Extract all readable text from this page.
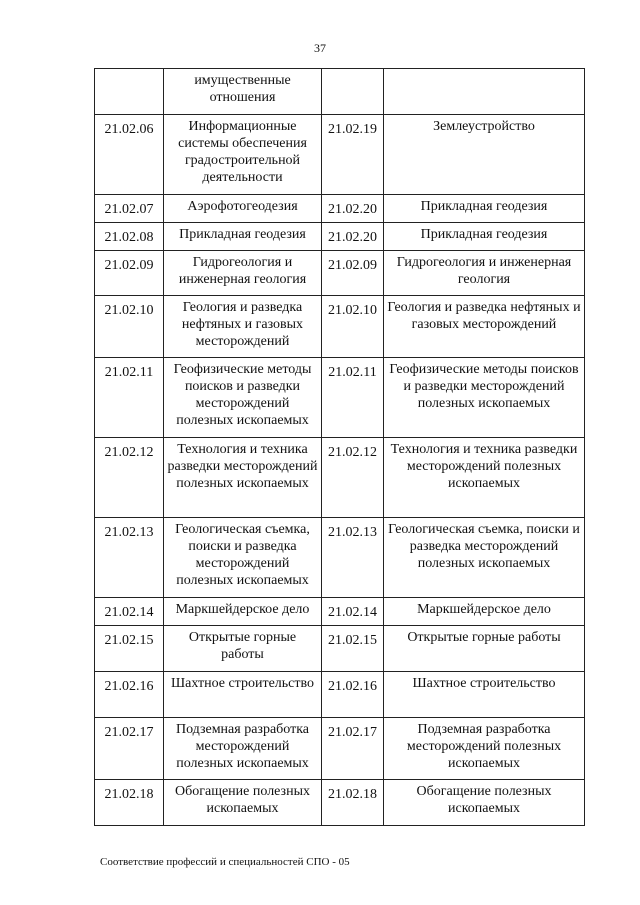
37
	имущественные отношения		
21.02.06	Информационные системы обеспечения градостроительной деятельности	21.02.19	Землеустройство
21.02.07	Аэрофотогеодезия	21.02.20	Прикладная геодезия
21.02.08	Прикладная геодезия	21.02.20	Прикладная геодезия
21.02.09	Гидрогеология и инженерная геология	21.02.09	Гидрогеология и инженерная геология
21.02.10	Геология и разведка нефтяных и газовых месторождений	21.02.10	Геология и разведка нефтяных и газовых месторождений
21.02.11	Геофизические методы поисков и разведки месторождений полезных ископаемых	21.02.11	Геофизические методы поисков и разведки месторождений полезных ископаемых
21.02.12	Технология и техника разведки месторождений полезных ископаемых	21.02.12	Технология и техника разведки месторождений полезных ископаемых
21.02.13	Геологическая съемка, поиски и разведка месторождений полезных ископаемых	21.02.13	Геологическая съемка, поиски и разведка месторождений полезных ископаемых
21.02.14	Маркшейдерское дело	21.02.14	Маркшейдерское дело
21.02.15	Открытые горные работы	21.02.15	Открытые горные работы
21.02.16	Шахтное строительство	21.02.16	Шахтное строительство
21.02.17	Подземная разработка месторождений полезных ископаемых	21.02.17	Подземная разработка месторождений полезных ископаемых
21.02.18	Обогащение полезных ископаемых	21.02.18	Обогащение полезных ископаемых
Соответствие профессий и специальностей СПО - 05
